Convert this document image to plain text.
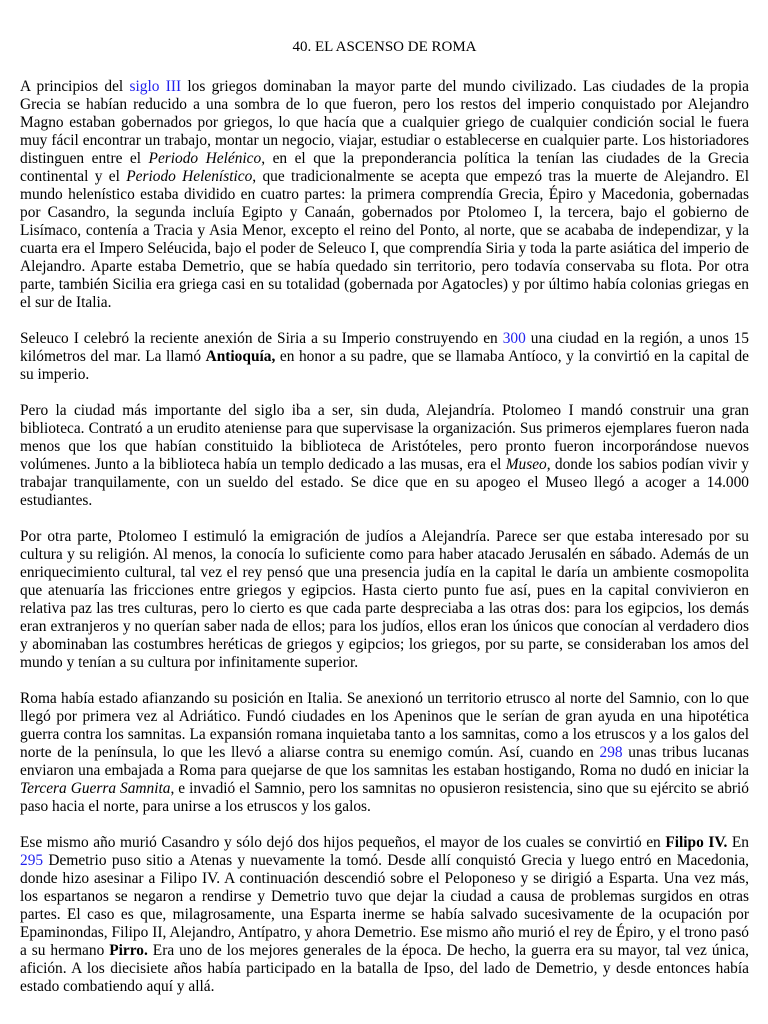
40. EL ASCENSO DE ROMA

A principios del siglo III los griegos dominaban la mayor parte del mundo civilizado. Las ciudades de la propia Grecia se habían reducido a una sombra de lo que fueron, pero los restos del imperio conquistado por Alejandro Magno estaban gobernados por griegos, lo que hacía que a cualquier griego de cualquier condición social le fuera muy fácil encontrar un trabajo, montar un negocio, viajar, estudiar o establecerse en cualquier parte. Los historiadores distinguen entre el Periodo Helénico, en el que la preponderancia política la tenían las ciudades de la Grecia continental y el Periodo Helenístico, que tradicionalmente se acepta que empezó tras la muerte de Alejandro. El mundo helenístico estaba dividido en cuatro partes: la primera comprendía Grecia, Épiro y Macedonia, gobernadas por Casandro, la segunda incluía Egipto y Canaán, gobernados por Ptolomeo I, la tercera, bajo el gobierno de Lisímaco, contenía a Tracia y Asia Menor, excepto el reino del Ponto, al norte, que se acababa de independizar, y la cuarta era el Impero Seléucida, bajo el poder de Seleuco I, que comprendía Siria y toda la parte asiática del imperio de Alejandro. Aparte estaba Demetrio, que se había quedado sin territorio, pero todavía conservaba su flota. Por otra parte, también Sicilia era griega casi en su totalidad (gobernada por Agatocles) y por último había colonias griegas en el sur de Italia.

Seleuco I celebró la reciente anexión de Siria a su Imperio construyendo en 300 una ciudad en la región, a unos 15 kilómetros del mar. La llamó Antioquía, en honor a su padre, que se llamaba Antíoco, y la convirtió en la capital de su imperio.

Pero la ciudad más importante del siglo iba a ser, sin duda, Alejandría. Ptolomeo I mandó construir una gran biblioteca. Contrató a un erudito ateniense para que supervisase la organización. Sus primeros ejemplares fueron nada menos que los que habían constituido la biblioteca de Aristóteles, pero pronto fueron incorporándose nuevos volúmenes. Junto a la biblioteca había un templo dedicado a las musas, era el Museo, donde los sabios podían vivir y trabajar tranquilamente, con un sueldo del estado. Se dice que en su apogeo el Museo llegó a acoger a 14.000 estudiantes.

Por otra parte, Ptolomeo I estimuló la emigración de judíos a Alejandría. Parece ser que estaba interesado por su cultura y su religión. Al menos, la conocía lo suficiente como para haber atacado Jerusalén en sábado. Además de un enriquecimiento cultural, tal vez el rey pensó que una presencia judía en la capital le daría un ambiente cosmopolita que atenuaría las fricciones entre griegos y egipcios. Hasta cierto punto fue así, pues en la capital convivieron en relativa paz las tres culturas, pero lo cierto es que cada parte despreciaba a las otras dos: para los egipcios, los demás eran extranjeros y no querían saber nada de ellos; para los judíos, ellos eran los únicos que conocían al verdadero dios y abominaban las costumbres heréticas de griegos y egipcios; los griegos, por su parte, se consideraban los amos del mundo y tenían a su cultura por infinitamente superior.

Roma había estado afianzando su posición en Italia. Se anexionó un territorio etrusco al norte del Samnio, con lo que llegó por primera vez al Adriático. Fundó ciudades en los Apeninos que le serían de gran ayuda en una hipotética guerra contra los samnitas. La expansión romana inquietaba tanto a los samnitas, como a los etruscos y a los galos del norte de la península, lo que les llevó a aliarse contra su enemigo común. Así, cuando en 298 unas tribus lucanas enviaron una embajada a Roma para quejarse de que los samnitas les estaban hostigando, Roma no dudó en iniciar la Tercera Guerra Samnita, e invadió el Samnio, pero los samnitas no opusieron resistencia, sino que su ejército se abrió paso hacia el norte, para unirse a los etruscos y los galos.

Ese mismo año murió Casandro y sólo dejó dos hijos pequeños, el mayor de los cuales se convirtió en Filipo IV. En 295 Demetrio puso sitio a Atenas y nuevamente la tomó. Desde allí conquistó Grecia y luego entró en Macedonia, donde hizo asesinar a Filipo IV. A continuación descendió sobre el Peloponeso y se dirigió a Esparta. Una vez más, los espartanos se negaron a rendirse y Demetrio tuvo que dejar la ciudad a causa de problemas surgidos en otras partes. El caso es que, milagrosamente, una Esparta inerme se había salvado sucesivamente de la ocupación por Epaminondas, Filipo II, Alejandro, Antípatro, y ahora Demetrio. Ese mismo año murió el rey de Épiro, y el trono pasó a su hermano Pirro. Era uno de los mejores generales de la época. De hecho, la guerra era su mayor, tal vez única, afición. A los diecisiete años había participado en la batalla de Ipso, del lado de Demetrio, y desde entonces había estado combatiendo aquí y allá.
